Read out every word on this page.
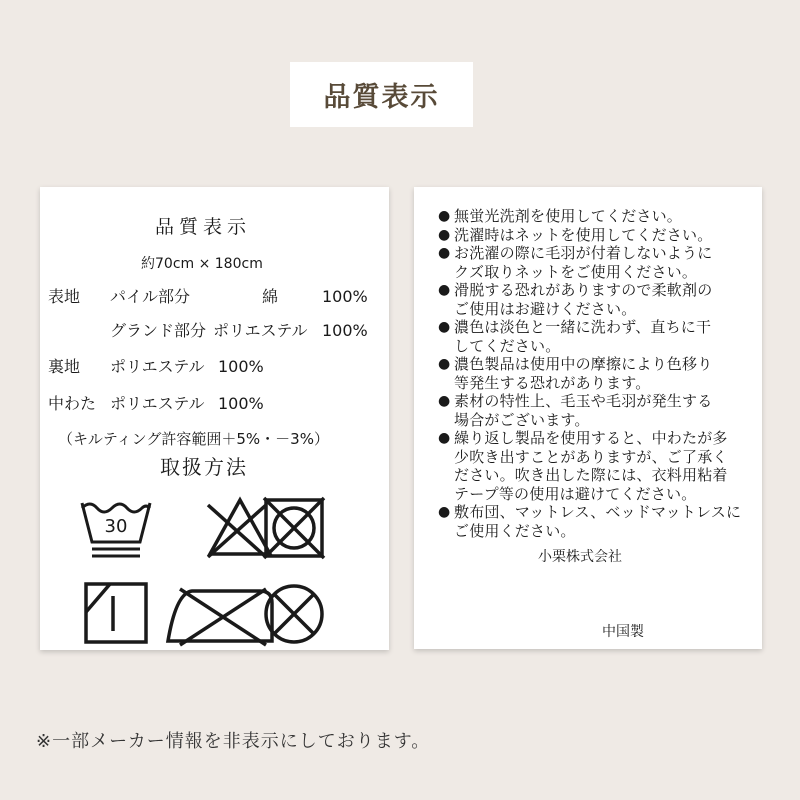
品質表示
品質表示
約70cm × 180cm
表地 パイル部分	綿	100%
グランド部分 ポリエステル 100%
裏地 ポリエステル 100%
中わた ポリエステル 100%
（キルティング許容範囲＋5%・－3%）
取扱方法
30
● 無蛍光洗剤を使用してください。
● 洗濯時はネットを使用してください。
● お洗濯の際に毛羽が付着しないように
クズ取りネットをご使用ください。
● 滑脱する恐れがありますので柔軟剤の
ご使用はお避けください。
● 濃色は淡色と一緒に洗わず、直ちに干
してください。
● 濃色製品は使用中の摩擦により色移り
等発生する恐れがあります。
● 素材の特性上、毛玉や毛羽が発生する
場合がございます。
● 繰り返し製品を使用すると、中わたが多
少吹き出すことがありますが、ご了承く
ださい。吹き出した際には、衣料用粘着
テープ等の使用は避けてください。
● 敷布団、マットレス、ベッドマットレスに
ご使用ください。
小栗株式会社
中国製
※一部メーカー情報を非表示にしております。
